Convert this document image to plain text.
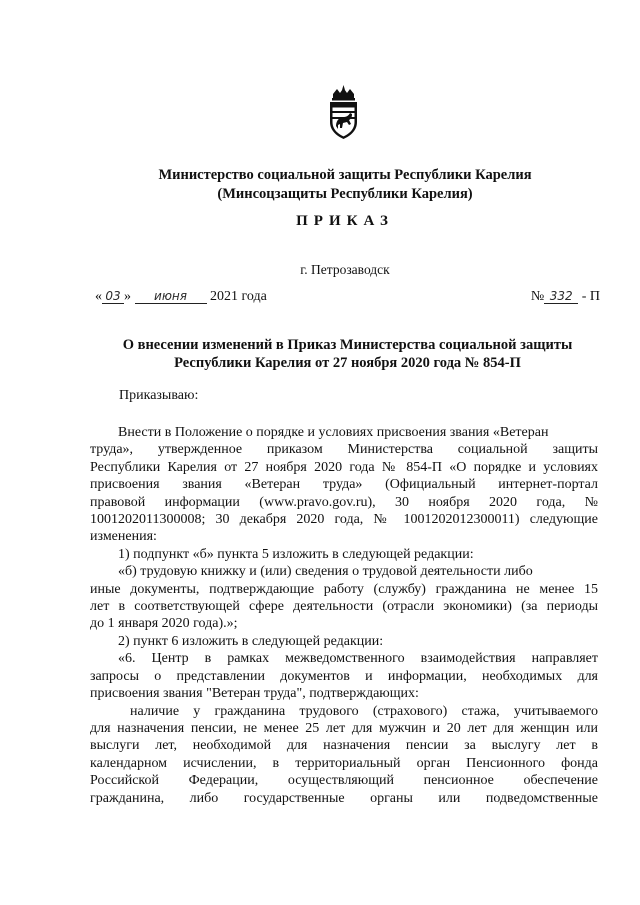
Министерство социальной защиты Республики Карелия
(Минсоцзащиты Республики Карелия)
ПРИКАЗ
г. Петрозаводск
« 03 » июня 2021 года	№ 332 - П
О внесении изменений в Приказ Министерства социальной защиты
Республики Карелия от 27 ноября 2020 года № 854-П
Приказываю:
Внести в Положение о порядке и условиях присвоения звания «Ветеран
труда», утвержденное приказом Министерства социальной защиты
Республики Карелия от 27 ноября 2020 года № 854-П «О порядке и условиях
присвоения звания «Ветеран труда» (Официальный интернет-портал
правовой информации (www.pravo.gov.ru), 30 ноября 2020 года, №
1001202011300008; 30 декабря 2020 года, № 1001202012300011) следующие
изменения:
1) подпункт «б» пункта 5 изложить в следующей редакции:
«б) трудовую книжку и (или) сведения о трудовой деятельности либо
иные документы, подтверждающие работу (службу) гражданина не менее 15
лет в соответствующей сфере деятельности (отрасли экономики) (за периоды
до 1 января 2020 года).»;
2) пункт 6 изложить в следующей редакции:
«6. Центр в рамках межведомственного взаимодействия направляет
запросы о представлении документов и информации, необходимых для
присвоения звания "Ветеран труда", подтверждающих:
наличие у гражданина трудового (страхового) стажа, учитываемого
для назначения пенсии, не менее 25 лет для мужчин и 20 лет для женщин или
выслуги лет, необходимой для назначения пенсии за выслугу лет в
календарном исчислении, в территориальный орган Пенсионного фонда
Российской Федерации, осуществляющий пенсионное обеспечение
гражданина, либо государственные органы или подведомственные
